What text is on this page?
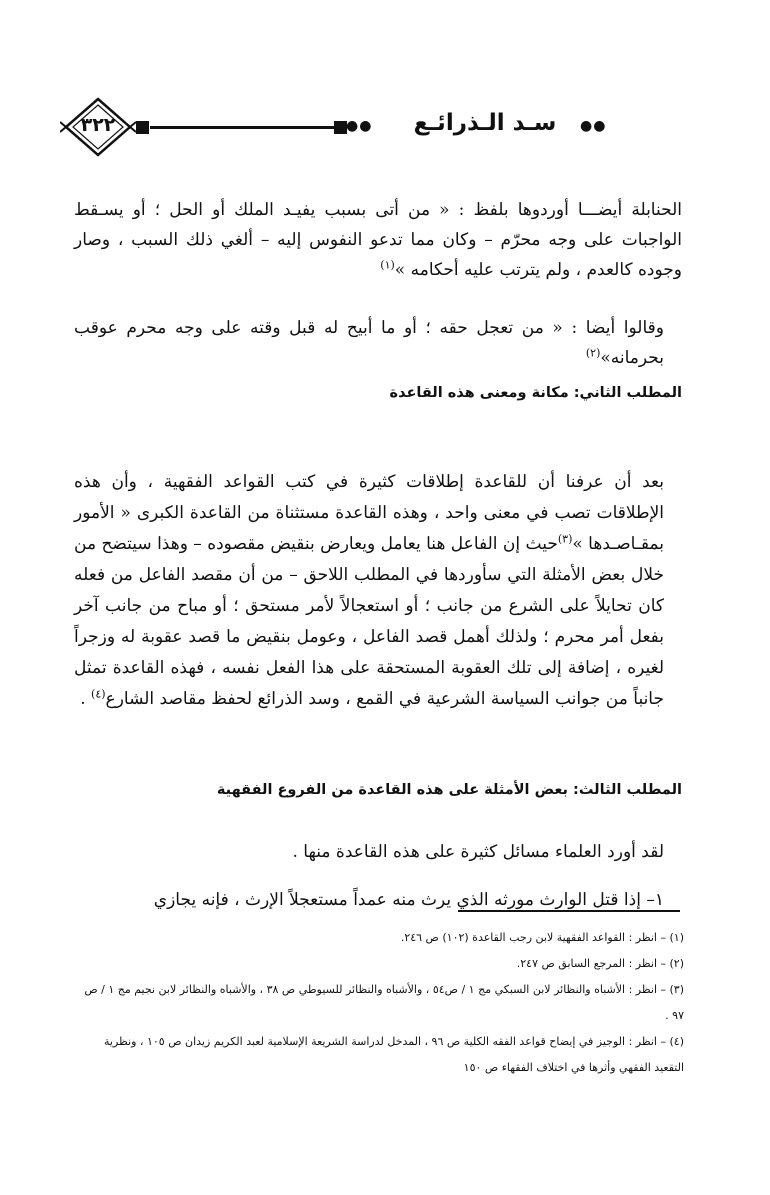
٣٢٢	●●	سـد الـذرائـع	●●

الحنابلة أيضـــا أوردوها بلفظ : « من أتى بسبب يفيـد الملك أو الحل ؛ أو يسـقط الواجبات على وجه محرّم – وكان مما تدعو النفوس إليه – ألغي ذلك السبب ، وصار وجوده كالعدم ، ولم يترتب عليه أحكامه »$^{(١)}$

وقالوا أيضا : « من تعجل حقه ؛ أو ما أبيح له قبل وقته على وجه محرم عوقب بحرمانه»$^{(٢)}$

المطلب الثاني: مكانة ومعنى هذه القاعدة

بعد أن عرفنا أن للقاعدة إطلاقات كثيرة في كتب القواعد الفقهية ، وأن هذه الإطلاقات تصب في معنى واحد ، وهذه القاعدة مستثناة من القاعدة الكبرى « الأمور بمقـاصـدها »$^{(٣)}$حيث إن الفاعل هنا يعامل ويعارض بنقيض مقصوده – وهذا سيتضح من خلال بعض الأمثلة التي سأوردها في المطلب اللاحق – من أن مقصد الفاعل من فعله كان تحايلاً على الشرع من جانب ؛ أو استعجالاً لأمر مستحق ؛ أو مباح من جانب آخر بفعل أمر محرم ؛ ولذلك أهمل قصد الفاعل ، وعومل بنقيض ما قصد عقوبة له وزجراً لغيره ، إضافة إلى تلك العقوبة المستحقة على هذا الفعل نفسه ، فهذه القاعدة تمثل جانباً من جوانب السياسة الشرعية في القمع ، وسد الذرائع لحفظ مقاصد الشارع$^{(٤)}$ .

المطلب الثالث: بعض الأمثلة على هذه القاعدة من الفروع الفقهية

لقد أورد العلماء مسائل كثيرة على هذه القاعدة منها .

١– إذا قتل الوارث مورثه الذي يرث منه عمداً مستعجلاً الإرث ، فإنه يجازي

(١) – انظر : القواعد الفقهية لابن رجب القاعدة (١٠٢) ص ٢٤٦.
(٢) – انظر : المرجع السابق ص ٢٤٧.
(٣) – انظر : الأشباه والنظائر لابن السبكي مج ١ / ص٥٤ ، والأشباه والنظائر للسيوطي ص ٣٨ ، والأشباه والنظائر لابن نجيم مج ١ / ص ٩٧ .
(٤) – انظر : الوجيز في إيضاح قواعد الفقه الكلية ص ٩٦ ، المدخل لدراسة الشريعة الإسلامية لعبد الكريم زيدان ص ١٠٥ ، ونظرية التقعيد الفقهي وأثرها في اختلاف الفقهاء ص ١٥٠
